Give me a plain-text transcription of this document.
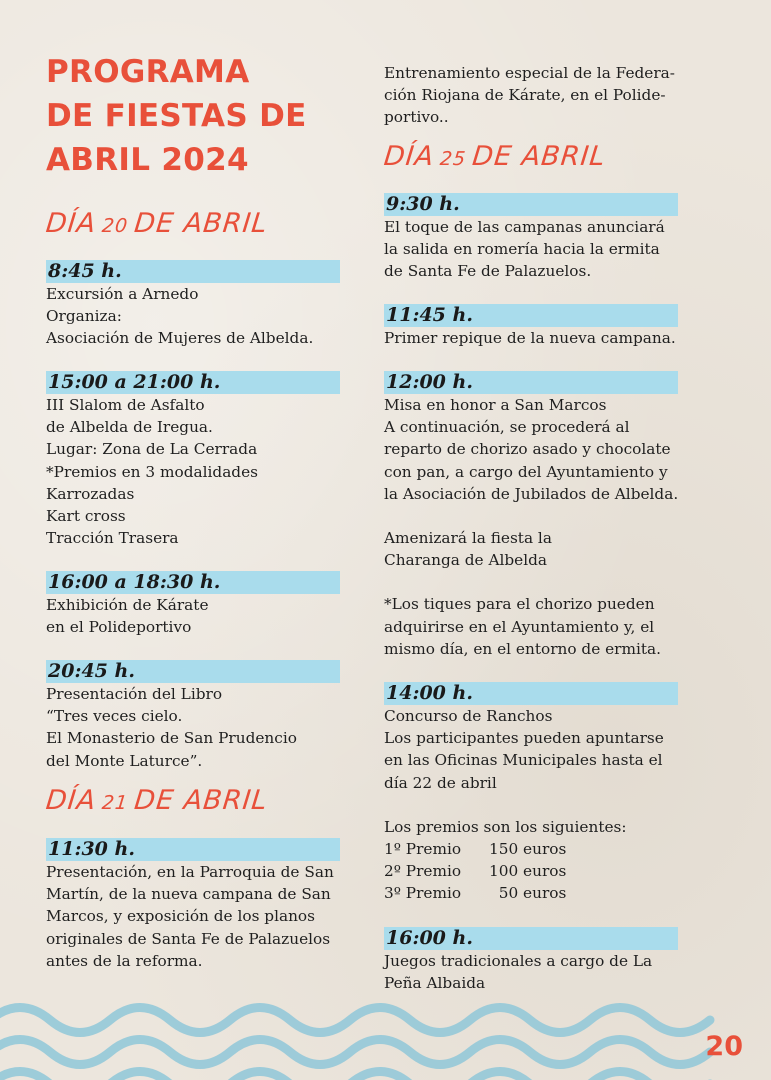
PROGRAMA
DE FIESTAS DE
ABRIL 2024
DÍA 20 DE ABRIL
8:45 h.
Excursión a Arnedo
Organiza:
Asociación de Mujeres de Albelda.
15:00 a 21:00 h.
III Slalom de Asfalto
de Albelda de Iregua.
Lugar: Zona de La Cerrada
*Premios en 3 modalidades
Karrozadas
Kart cross
Tracción Trasera
16:00 a 18:30 h.
Exhibición de Kárate
en el Polideportivo
20:45 h.
Presentación del Libro
“Tres veces cielo.
El Monasterio de San Prudencio
del Monte Laturce”.
DÍA 21 DE ABRIL
11:30 h.
Presentación, en la Parroquia de San
Martín, de la nueva campana de San
Marcos, y exposición de los planos
originales de Santa Fe de Palazuelos
antes de la reforma.
Entrenamiento especial de la Federa-
ción Riojana de Kárate, en el Polide-
portivo..
DÍA 25 DE ABRIL
9:30 h.
El toque de las campanas anunciará
la salida en romería hacia la ermita
de Santa Fe de Palazuelos.
11:45 h.
Primer repique de la nueva campana.
12:00 h.
Misa en honor a San Marcos
A continuación, se procederá al
reparto de chorizo asado y chocolate
con pan, a cargo del Ayuntamiento y
la Asociación de Jubilados de Albelda.
Amenizará la fiesta la
Charanga de Albelda
*Los tiques para el chorizo pueden
adquirirse en el Ayuntamiento y, el
mismo día, en el entorno de ermita.
14:00 h.
Concurso de Ranchos
Los participantes pueden apuntarse
en las Oficinas Municipales hasta el
día 22 de abril
Los premios son los siguientes:
1º Premio	150 euros
2º Premio	100 euros
3º Premio	50 euros
16:00 h.
Juegos tradicionales a cargo de La
Peña Albaida
20
